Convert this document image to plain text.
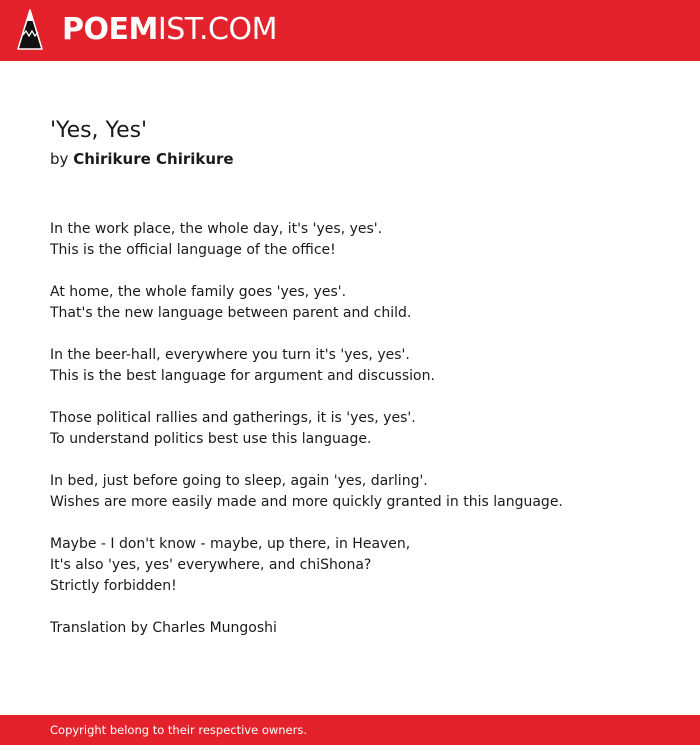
POEMIST.COM
'Yes, Yes'
by Chirikure Chirikure

In the work place, the whole day, it's 'yes, yes'.
This is the official language of the office!

At home, the whole family goes 'yes, yes'.
That's the new language between parent and child.

In the beer-hall, everywhere you turn it's 'yes, yes'.
This is the best language for argument and discussion.

Those political rallies and gatherings, it is 'yes, yes'.
To understand politics best use this language.

In bed, just before going to sleep, again 'yes, darling'.
Wishes are more easily made and more quickly granted in this language.

Maybe - I don't know - maybe, up there, in Heaven,
It's also 'yes, yes' everywhere, and chiShona?
Strictly forbidden!

Translation by Charles Mungoshi

Copyright belong to their respective owners.
